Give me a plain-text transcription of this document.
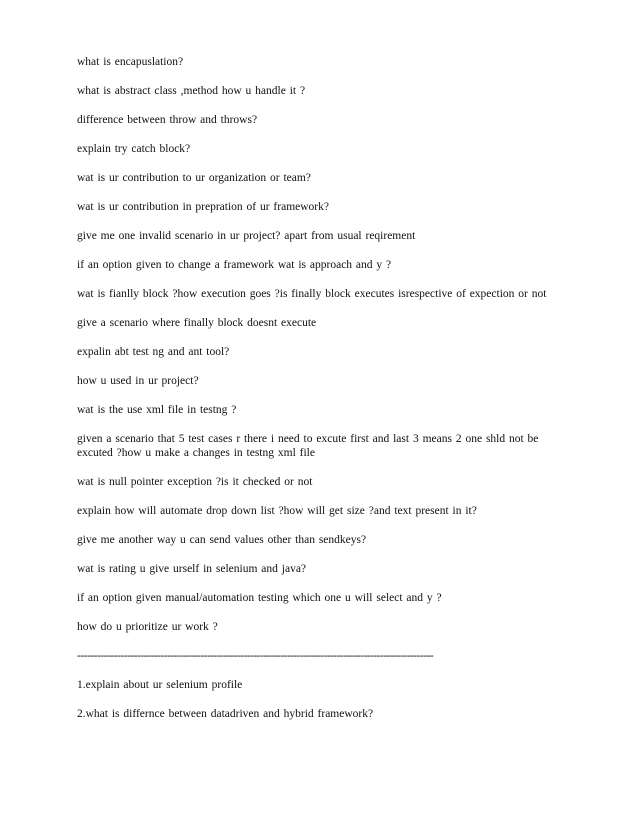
what is encapuslation?
what is abstract class ,method how u handle it ?
difference between throw and throws?
explain try catch block?
wat is ur contribution to ur organization or team?
wat is ur contribution in prepration of ur framework?
give me one invalid scenario in ur project? apart from usual reqirement
if an option given to change a framework wat is approach and y ?
wat is fianlly block ?how execution goes ?is finally block executes isrespective of expection or not
give a scenario where finally block doesnt execute
expalin abt test ng and ant tool?
how u used in ur project?
wat is the use xml file in testng ?
given a scenario that 5 test cases r there i need to excute first and last 3 means 2 one shld not be excuted ?how u make a changes in testng xml file
wat is null pointer exception ?is it checked or not
explain how will automate drop down list ?how will get size ?and text present in it?
give me another way u can send values other than sendkeys?
wat is rating u give urself in selenium and java?
if an option given manual/automation testing which one u will select and y ?
how do u prioritize ur work ?
-----------------------------------------------------------------------------------------------------------
1.explain about ur selenium profile
2.what is differnce between datadriven and hybrid framework?
